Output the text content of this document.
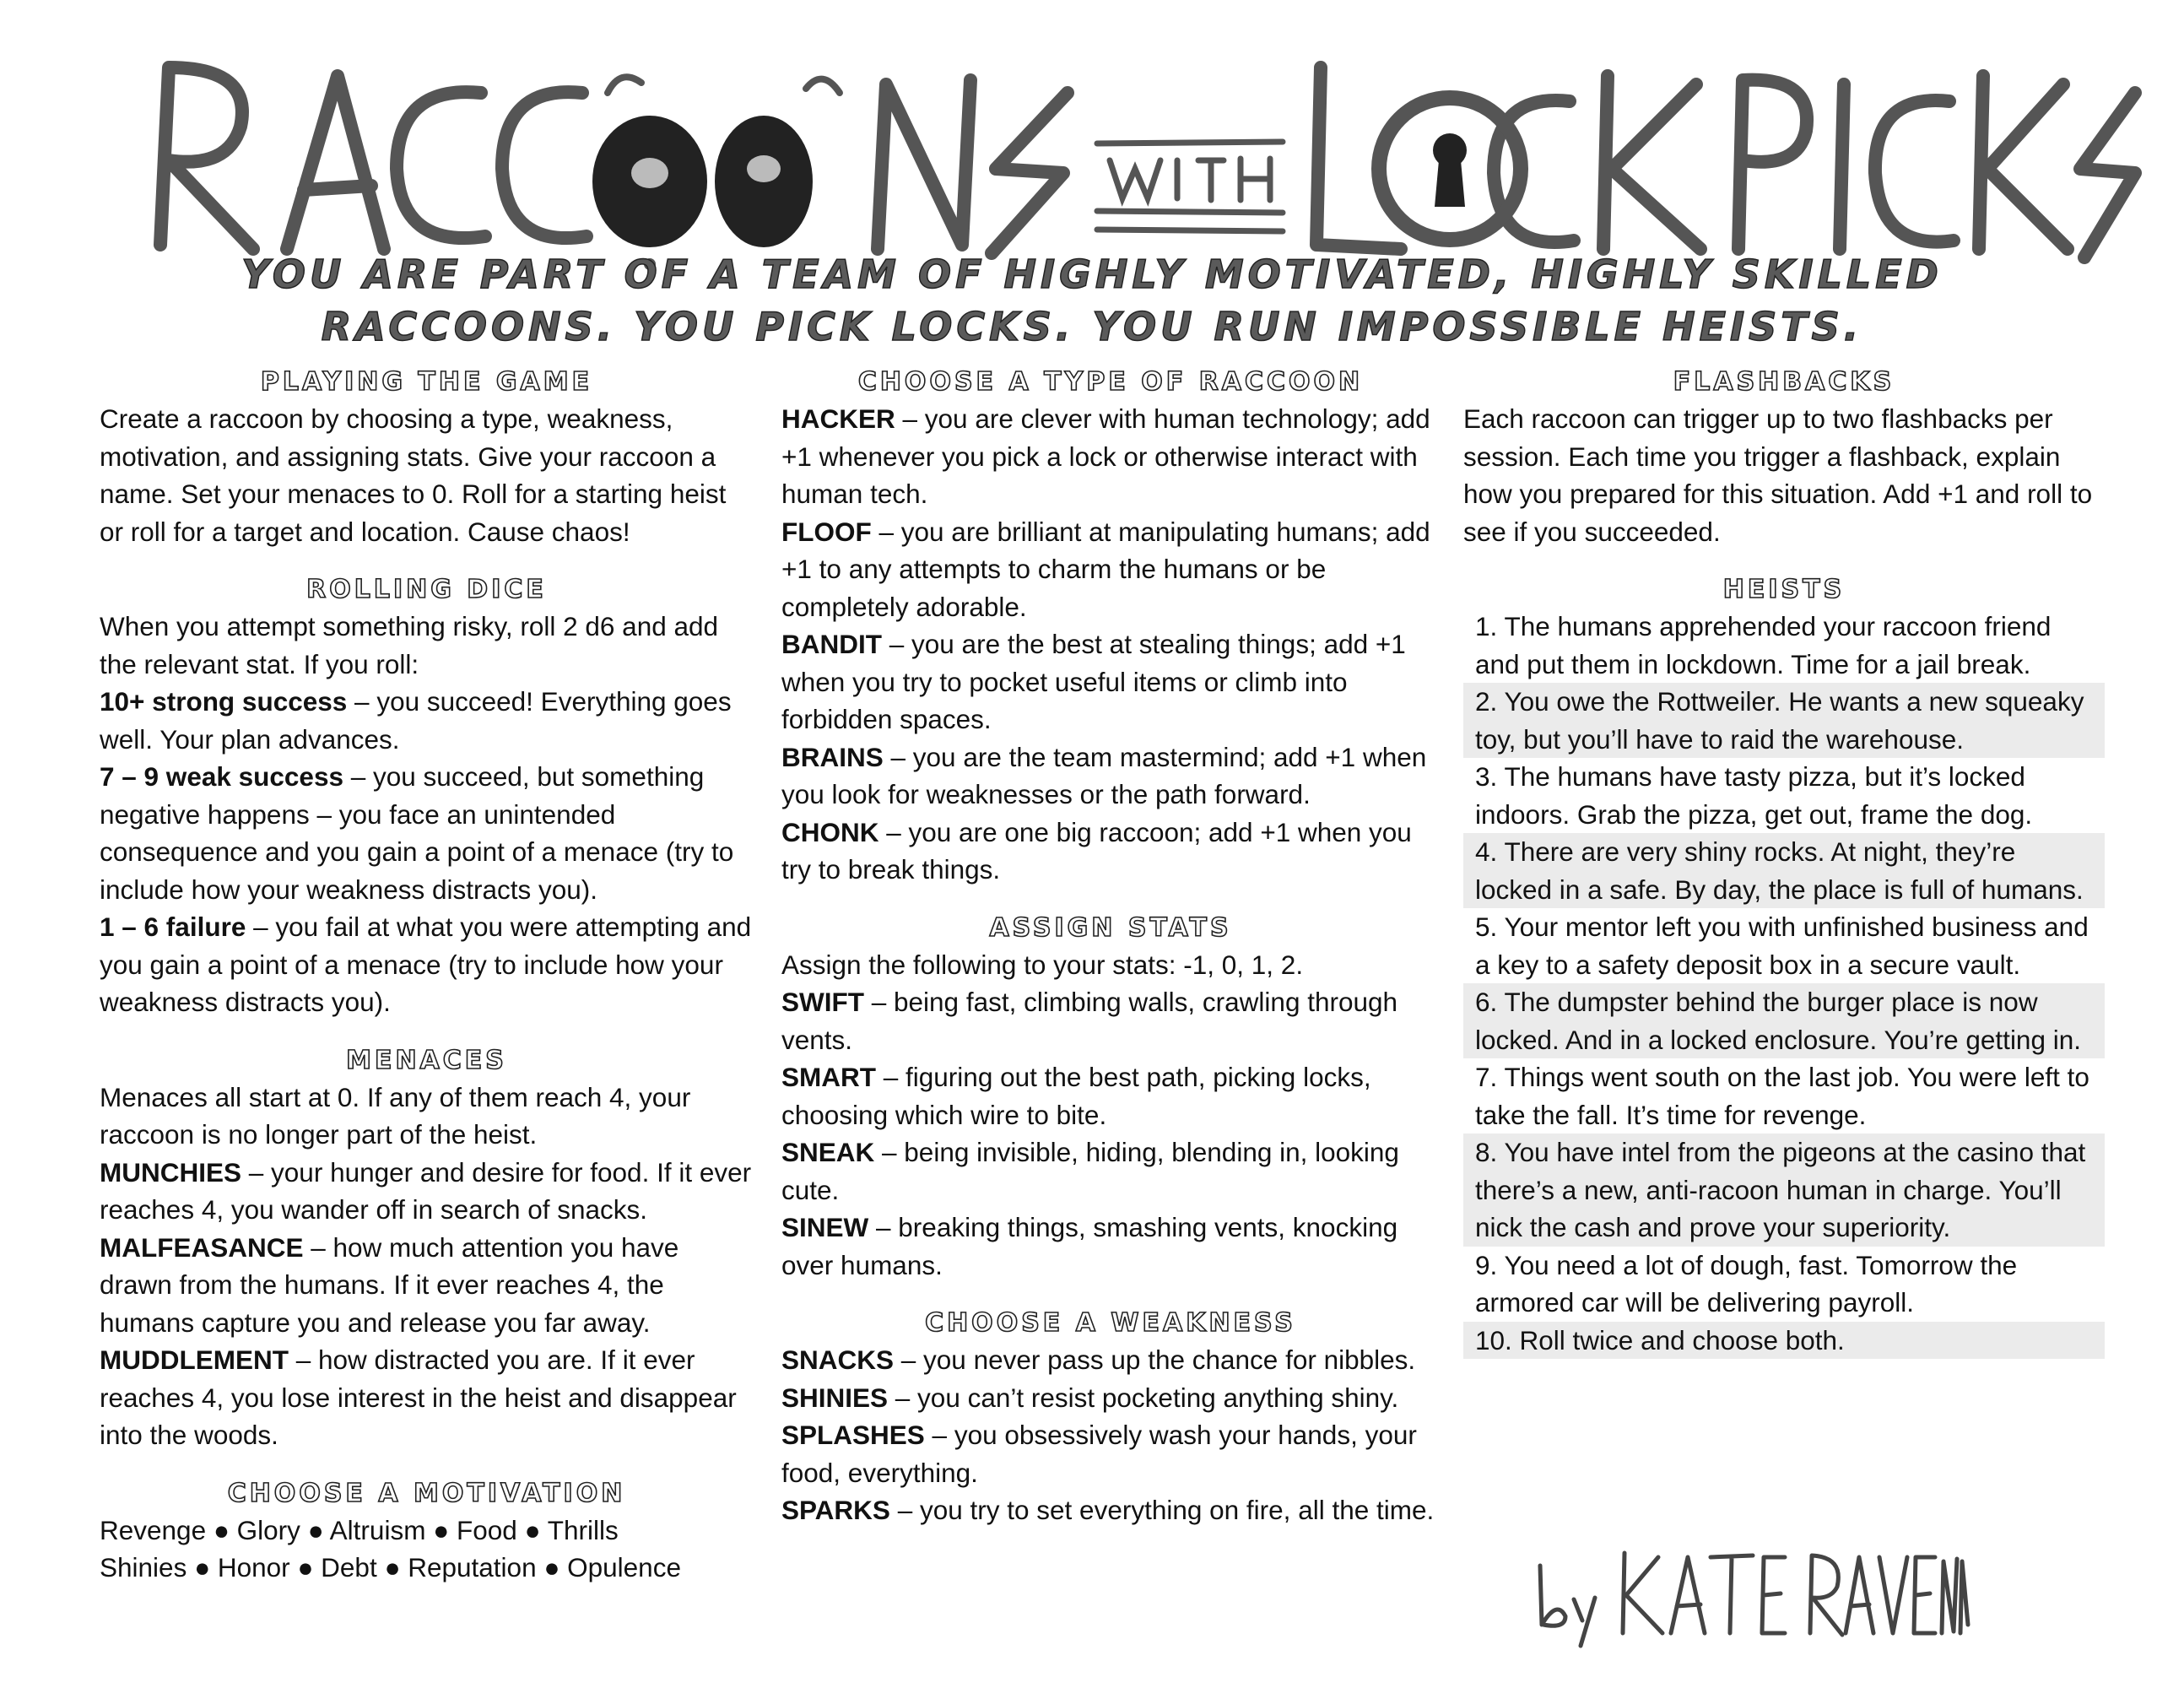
YOU ARE PART OF A TEAM OF HIGHLY MOTIVATED, HIGHLY SKILLED
RACCOONS. YOU PICK LOCKS. YOU RUN IMPOSSIBLE HEISTS.
PLAYING THE GAME

Create a raccoon by choosing a type, weakness, motivation, and assigning stats. Give your raccoon a name. Set your menaces to 0. Roll for a starting heist or roll for a target and location. Cause chaos!

ROLLING DICE

When you attempt something risky, roll 2 d6 and add the relevant stat. If you roll:

10+ strong success – you succeed! Everything goes well. Your plan advances.

7 – 9 weak success – you succeed, but something negative happens – you face an unintended consequence and you gain a point of a menace (try to include how your weakness distracts you).

1 – 6 failure – you fail at what you were attempting and you gain a point of a menace (try to include how your weakness distracts you).

MENACES

Menaces all start at 0. If any of them reach 4, your raccoon is no longer part of the heist.

MUNCHIES – your hunger and desire for food. If it ever reaches 4, you wander off in search of snacks.

MALFEASANCE – how much attention you have drawn from the humans. If it ever reaches 4, the humans capture you and release you far away.

MUDDLEMENT – how distracted you are. If it ever reaches 4, you lose interest in the heist and disappear into the woods.

CHOOSE A MOTIVATION

Revenge ● Glory ● Altruism ● Food ● Thrills

Shinies ● Honor ● Debt ● Reputation ● Opulence

CHOOSE A TYPE OF RACCOON

HACKER – you are clever with human technology; add +1 whenever you pick a lock or otherwise interact with human tech.

FLOOF – you are brilliant at manipulating humans; add +1 to any attempts to charm the humans or be completely adorable.

BANDIT – you are the best at stealing things; add +1 when you try to pocket useful items or climb into forbidden spaces.

BRAINS – you are the team mastermind; add +1 when you look for weaknesses or the path forward.

CHONK – you are one big raccoon; add +1 when you try to break things.

ASSIGN STATS

Assign the following to your stats: -1, 0, 1, 2.

SWIFT – being fast, climbing walls, crawling through vents.

SMART – figuring out the best path, picking locks, choosing which wire to bite.

SNEAK – being invisible, hiding, blending in, looking cute.

SINEW – breaking things, smashing vents, knocking over humans.

CHOOSE A WEAKNESS

SNACKS – you never pass up the chance for nibbles.

SHINIES – you can’t resist pocketing anything shiny.

SPLASHES – you obsessively wash your hands, your food, everything.

SPARKS – you try to set everything on fire, all the time.

FLASHBACKS

Each raccoon can trigger up to two flashbacks per session. Each time you trigger a flashback, explain how you prepared for this situation. Add +1 and roll to see if you succeeded.

HEISTS
1. The humans apprehended your raccoon friend and put them in lockdown. Time for a jail break.
2. You owe the Rottweiler. He wants a new squeaky toy, but you’ll have to raid the warehouse.
3. The humans have tasty pizza, but it’s locked indoors. Grab the pizza, get out, frame the dog.
4. There are very shiny rocks. At night, they’re locked in a safe. By day, the place is full of humans.
5. Your mentor left you with unfinished business and a key to a safety deposit box in a secure vault.
6. The dumpster behind the burger place is now locked. And in a locked enclosure. You’re getting in.
7. Things went south on the last job. You were left to take the fall. It’s time for revenge.
8. You have intel from the pigeons at the casino that there’s a new, anti-racoon human in charge. You’ll nick the cash and prove your superiority.
9. You need a lot of dough, fast. Tomorrow the armored car will be delivering payroll.
10. Roll twice and choose both.
